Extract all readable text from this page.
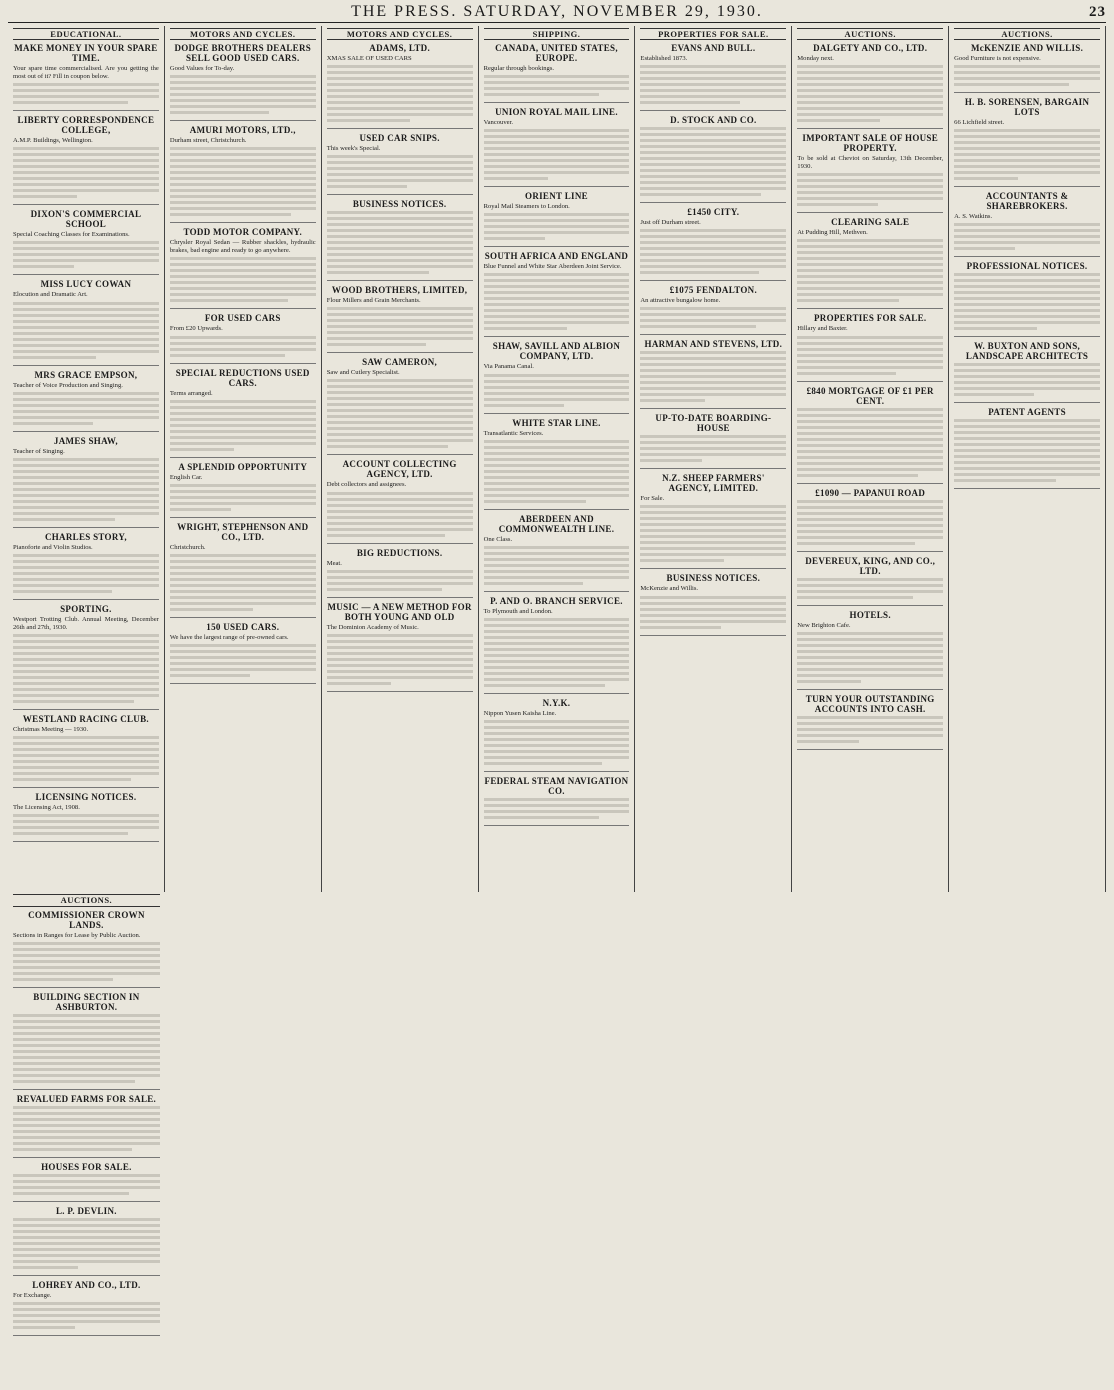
THE PRESS. SATURDAY, NOVEMBER 29, 1930.	23
EDUCATIONAL.
MAKE MONEY IN YOUR SPARE TIME.

Your spare time commercialised. Are you getting the most out of it? Fill in coupon below.

LIBERTY CORRESPONDENCE COLLEGE,

A.M.P. Buildings, Wellington.

DIXON'S COMMERCIAL SCHOOL

Special Coaching Classes for Examinations.

MISS LUCY COWAN

Elocution and Dramatic Art.

MRS GRACE EMPSON,

Teacher of Voice Production and Singing.

JAMES SHAW,

Teacher of Singing.

CHARLES STORY,

Pianoforte and Violin Studios.

SPORTING.

Westport Trotting Club. Annual Meeting, December 26th and 27th, 1930.

WESTLAND RACING CLUB.

Christmas Meeting — 1930.

LICENSING NOTICES.

The Licensing Act, 1908.

MOTORS AND CYCLES.
DODGE BROTHERS DEALERS SELL GOOD USED CARS.

Good Values for To-day.

AMURI MOTORS, LTD.,

Durham street, Christchurch.

TODD MOTOR COMPANY.

Chrysler Royal Sedan — Rubber shackles, hydraulic brakes, bad engine and ready to go anywhere.

FOR USED CARS

From £20 Upwards.

SPECIAL REDUCTIONS USED CARS.

Terms arranged.

A SPLENDID OPPORTUNITY

English Car.

WRIGHT, STEPHENSON AND CO., LTD.

Christchurch.

150 USED CARS.

We have the largest range of pre-owned cars.

MOTORS AND CYCLES.
ADAMS, LTD.

XMAS SALE OF USED CARS

USED CAR SNIPS.

This week's Special.

BUSINESS NOTICES.

WOOD BROTHERS, LIMITED,

Flour Millers and Grain Merchants.

SAW CAMERON,

Saw and Cutlery Specialist.

ACCOUNT COLLECTING AGENCY, LTD.

Debt collectors and assignees.

BIG REDUCTIONS.

Meat.

MUSIC — A NEW METHOD FOR BOTH YOUNG AND OLD

The Dominion Academy of Music.

SHIPPING.
CANADA, UNITED STATES, EUROPE.

Regular through bookings.

UNION ROYAL MAIL LINE.

Vancouver.

ORIENT LINE

Royal Mail Steamers to London.

SOUTH AFRICA AND ENGLAND

Blue Funnel and White Star Aberdeen Joint Service.

SHAW, SAVILL AND ALBION COMPANY, LTD.

Via Panama Canal.

WHITE STAR LINE.

Transatlantic Services.

ABERDEEN AND COMMONWEALTH LINE.

One Class.

P. AND O. BRANCH SERVICE.

To Plymouth and London.

N.Y.K.

Nippon Yusen Kaisha Line.

FEDERAL STEAM NAVIGATION CO.

PROPERTIES FOR SALE.
EVANS AND BULL.

Established 1873.

D. STOCK AND CO.

£1450 CITY.

Just off Durham street.

£1075 FENDALTON.

An attractive bungalow home.

HARMAN AND STEVENS, LTD.

UP-TO-DATE BOARDING-HOUSE

N.Z. SHEEP FARMERS' AGENCY, LIMITED.

For Sale.

BUSINESS NOTICES.

McKenzie and Willis.

AUCTIONS.
DALGETY AND CO., LTD.

Monday next.

IMPORTANT SALE OF HOUSE PROPERTY.

To be sold at Cheviot on Saturday, 13th December, 1930.

CLEARING SALE

At Pudding Hill, Methven.

PROPERTIES FOR SALE.

Hillary and Baxter.

£840 MORTGAGE OF £1 PER CENT.

£1090 — PAPANUI ROAD

DEVEREUX, KING, AND CO., LTD.

HOTELS.

New Brighton Cafe.

TURN YOUR OUTSTANDING ACCOUNTS INTO CASH.

AUCTIONS.
McKENZIE AND WILLIS.

Good Furniture is not expensive.

H. B. SORENSEN, BARGAIN LOTS

66 Lichfield street.

ACCOUNTANTS & SHAREBROKERS.

A. S. Watkins.

PROFESSIONAL NOTICES.

W. BUXTON AND SONS, LANDSCAPE ARCHITECTS

PATENT AGENTS

AUCTIONS.
COMMISSIONER CROWN LANDS.

Sections in Ranges for Lease by Public Auction.

BUILDING SECTION IN ASHBURTON.

REVALUED FARMS FOR SALE.

HOUSES FOR SALE.

L. P. DEVLIN.

LOHREY AND CO., LTD.

For Exchange.
